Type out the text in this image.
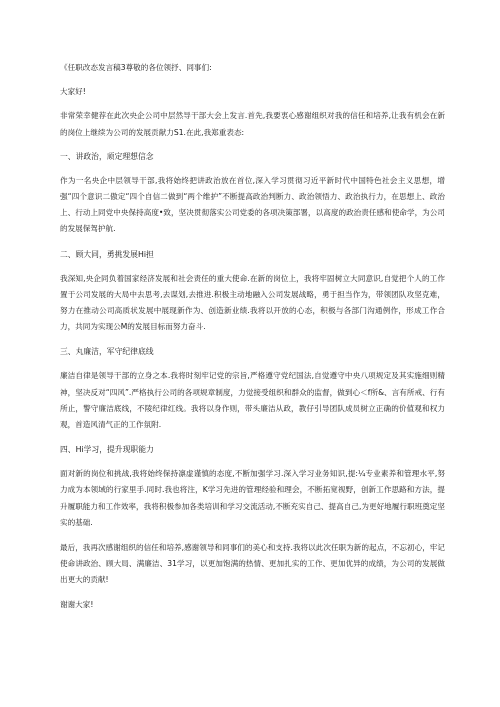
《任职改态发言稿3尊敬的各位领抒、同事们:

大家好!

非常荣幸健荐在此次央企公司中层然导干部大会上发言.首先,我要衷心感谢组织对我的信任和培养,让我有机会在新的岗位上继续为公司的发展贡献力S1.在此,我郑重表态:

一、讲政治，顽定理想信念

作为一名央企中层领导干部,我将始终把讲政治放在首位,深入学习贯彻习近平新时代中国特色社会主义思想，增强“四个意识二傲定“四个自信二做到“两个维护”不断提高政治判断力、政治领悟力、政治执行力，在思想上、政治上、行动上同党中央保持高度•致，坚决贯彻落实公司党委的各项决策部署，以高度的政治责任感和使命学，为公司的发展保驾护航.

二、顾大同，勇挑发展Hi担

我深知,央企同负着国家经济发展和社会责任的重大使命.在新的岗位上，我将牢固树立大同意识,自觉把个人的工作置于公司发展的大局中去思考,去谋划,去推进.积极主动地融入公司发展战略，勇于担当作为，带领团队攻坚克难，努力在推动公司高质状发展中展现新作为、创造新业绩.我将以开放的心态，积极与各部门沟通例作，形成工作合力，共同为实现公M的发展目标而努力奋斗.

三、丸廉洁，军守纪律底线

廉洁自律是领导干部的立身之本.我将时刻牢记党的宗旨,严格遵守党纪国法,自觉遵守中央八项规定及其实施细则精神，坚决反对“四风”.严格执行公司的各项规章制度，力觉接受组织和群众的监督，做到心＜f所&、言有所戒、行有所止，警守廉洁底线，不陵纪律红线。我将以身作则，带头廉洁从政，教仔引导团队成员树立正确的价值观和权力观，首造风清气正的工作氛附.

四、Hi学习，提升现职能力

面对新的岗位和挑战,我将始终保持凛虚谨慎的态度,不断加强学习.深入学习业务知识,提:¼专业素养和管理水平,努力成为本领域的行家里手.同时.我也将注，K学习先进的管理经验和理会，不断拓宽视野，创新工作思路和方法，提升履职能力和工作效率，我将积极参加各类培训和学习交流活动,不断充实自己、提高自己,为更好地履行职班奠定坚实的基础.

最后，我再次感谢组织的信任和培养,感谢领导和同事们的美心和支持.我将以此次任职为新的起点，不忘初心，牢记使命讲政治、顾大局、满廉洁、31学习，以更加饱满的热情、更加扎实的工作、更加优异的成绩，为公司的发展做出更大的贡献!

谢谢大家!
